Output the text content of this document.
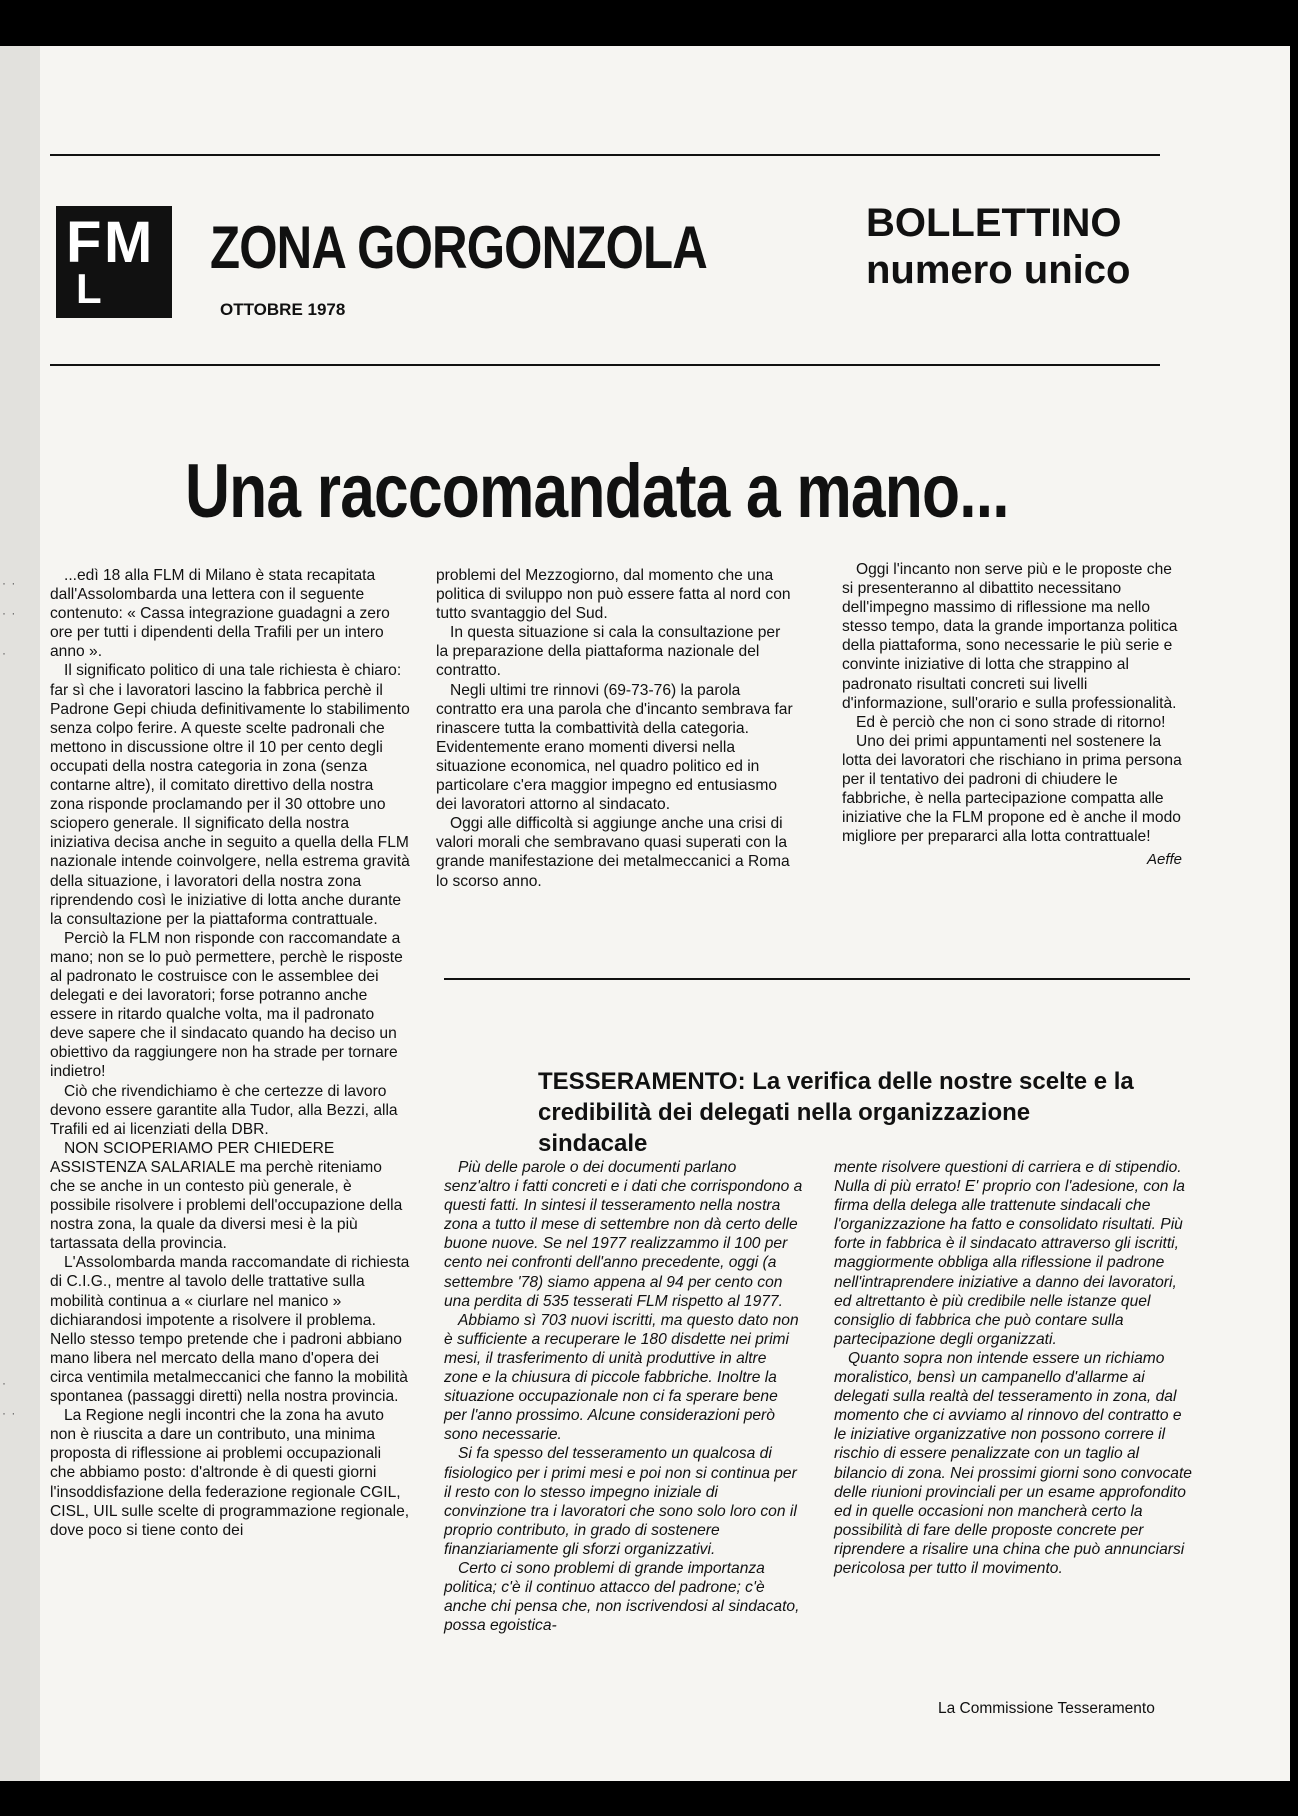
· ·
· ·
·
·
· ·
F M
L
ZONA GORGONZOLA
OTTOBRE 1978
BOLLETTINO
numero unico
Una raccomandata a mano...

...edì 18 alla FLM di Milano è stata recapitata dall'Assolombarda una lettera con il seguente contenuto: « Cassa integrazione guadagni a zero ore per tutti i dipendenti della Trafili per un intero anno ».

Il significato politico di una tale richiesta è chiaro: far sì che i lavoratori lascino la fabbrica perchè il Padrone Gepi chiuda definitivamente lo stabilimento senza colpo ferire. A queste scelte padronali che mettono in discussione oltre il 10 per cento degli occupati della nostra categoria in zona (senza contarne altre), il comitato direttivo della nostra zona risponde proclamando per il 30 ottobre uno sciopero generale. Il significato della nostra iniziativa decisa anche in seguito a quella della FLM nazionale intende coinvolgere, nella estrema gravità della situazione, i lavoratori della nostra zona riprendendo così le iniziative di lotta anche durante la consultazione per la piattaforma contrattuale.

Perciò la FLM non risponde con raccomandate a mano; non se lo può permettere, perchè le risposte al padronato le costruisce con le assemblee dei delegati e dei lavoratori; forse potranno anche essere in ritardo qualche volta, ma il padronato deve sapere che il sindacato quando ha deciso un obiettivo da raggiungere non ha strade per tornare indietro!

Ciò che rivendichiamo è che certezze di lavoro devono essere garantite alla Tudor, alla Bezzi, alla Trafili ed ai licenziati della DBR.

NON SCIOPERIAMO PER CHIEDERE ASSISTENZA SALARIALE ma perchè riteniamo che se anche in un contesto più generale, è possibile risolvere i problemi dell'occupazione della nostra zona, la quale da diversi mesi è la più tartassata della provincia.

L'Assolombarda manda raccomandate di richiesta di C.I.G., mentre al tavolo delle trattative sulla mobilità continua a « ciurlare nel manico » dichiarandosi impotente a risolvere il problema. Nello stesso tempo pretende che i padroni abbiano mano libera nel mercato della mano d'opera dei circa ventimila metalmeccanici che fanno la mobilità spontanea (passaggi diretti) nella nostra provincia.

La Regione negli incontri che la zona ha avuto non è riuscita a dare un contributo, una minima proposta di riflessione ai problemi occupazionali che abbiamo posto: d'altronde è di questi giorni l'insoddisfazione della federazione regionale CGIL, CISL, UIL sulle scelte di programmazione regionale, dove poco si tiene conto dei

problemi del Mezzogiorno, dal momento che una politica di sviluppo non può essere fatta al nord con tutto svantaggio del Sud.

In questa situazione si cala la consultazione per la preparazione della piattaforma nazionale del contratto.

Negli ultimi tre rinnovi (69-73-76) la parola contratto era una parola che d'incanto sembrava far rinascere tutta la combattività della categoria. Evidentemente erano momenti diversi nella situazione economica, nel quadro politico ed in particolare c'era maggior impegno ed entusiasmo dei lavoratori attorno al sindacato.

Oggi alle difficoltà si aggiunge anche una crisi di valori morali che sembravano quasi superati con la grande manifestazione dei metalmeccanici a Roma lo scorso anno.

Oggi l'incanto non serve più e le proposte che si presenteranno al dibattito necessitano dell'impegno massimo di riflessione ma nello stesso tempo, data la grande importanza politica della piattaforma, sono necessarie le più serie e convinte iniziative di lotta che strappino al padronato risultati concreti sui livelli d'informazione, sull'orario e sulla professionalità.

Ed è perciò che non ci sono strade di ritorno!

Uno dei primi appuntamenti nel sostenere la lotta dei lavoratori che rischiano in prima persona per il tentativo dei padroni di chiudere le fabbriche, è nella partecipazione compatta alle iniziative che la FLM propone ed è anche il modo migliore per prepararci alla lotta contrattuale!

Aeffe
TESSERAMENTO: La verifica delle nostre scelte e la credibilità dei delegati nella organizzazione sindacale

Più delle parole o dei documenti parlano senz'altro i fatti concreti e i dati che corrispondono a questi fatti. In sintesi il tesseramento nella nostra zona a tutto il mese di settembre non dà certo delle buone nuove. Se nel 1977 realizzammo il 100 per cento nei confronti dell'anno precedente, oggi (a settembre '78) siamo appena al 94 per cento con una perdita di 535 tesserati FLM rispetto al 1977.

Abbiamo sì 703 nuovi iscritti, ma questo dato non è sufficiente a recuperare le 180 disdette nei primi mesi, il trasferimento di unità produttive in altre zone e la chiusura di piccole fabbriche. Inoltre la situazione occupazionale non ci fa sperare bene per l'anno prossimo. Alcune considerazioni però sono necessarie.

Si fa spesso del tesseramento un qualcosa di fisiologico per i primi mesi e poi non si continua per il resto con lo stesso impegno iniziale di convinzione tra i lavoratori che sono solo loro con il proprio contributo, in grado di sostenere finanziariamente gli sforzi organizzativi.

Certo ci sono problemi di grande importanza politica; c'è il continuo attacco del padrone; c'è anche chi pensa che, non iscrivendosi al sindacato, possa egoistica-

mente risolvere questioni di carriera e di stipendio. Nulla di più errato! E' proprio con l'adesione, con la firma della delega alle trattenute sindacali che l'organizzazione ha fatto e consolidato risultati. Più forte in fabbrica è il sindacato attraverso gli iscritti, maggiormente obbliga alla riflessione il padrone nell'intraprendere iniziative a danno dei lavoratori, ed altrettanto è più credibile nelle istanze quel consiglio di fabbrica che può contare sulla partecipazione degli organizzati.

Quanto sopra non intende essere un richiamo moralistico, bensì un campanello d'allarme ai delegati sulla realtà del tesseramento in zona, dal momento che ci avviamo al rinnovo del contratto e le iniziative organizzative non possono correre il rischio di essere penalizzate con un taglio al bilancio di zona. Nei prossimi giorni sono convocate delle riunioni provinciali per un esame approfondito ed in quelle occasioni non mancherà certo la possibilità di fare delle proposte concrete per riprendere a risalire una china che può annunciarsi pericolosa per tutto il movimento.

La Commissione Tesseramento
